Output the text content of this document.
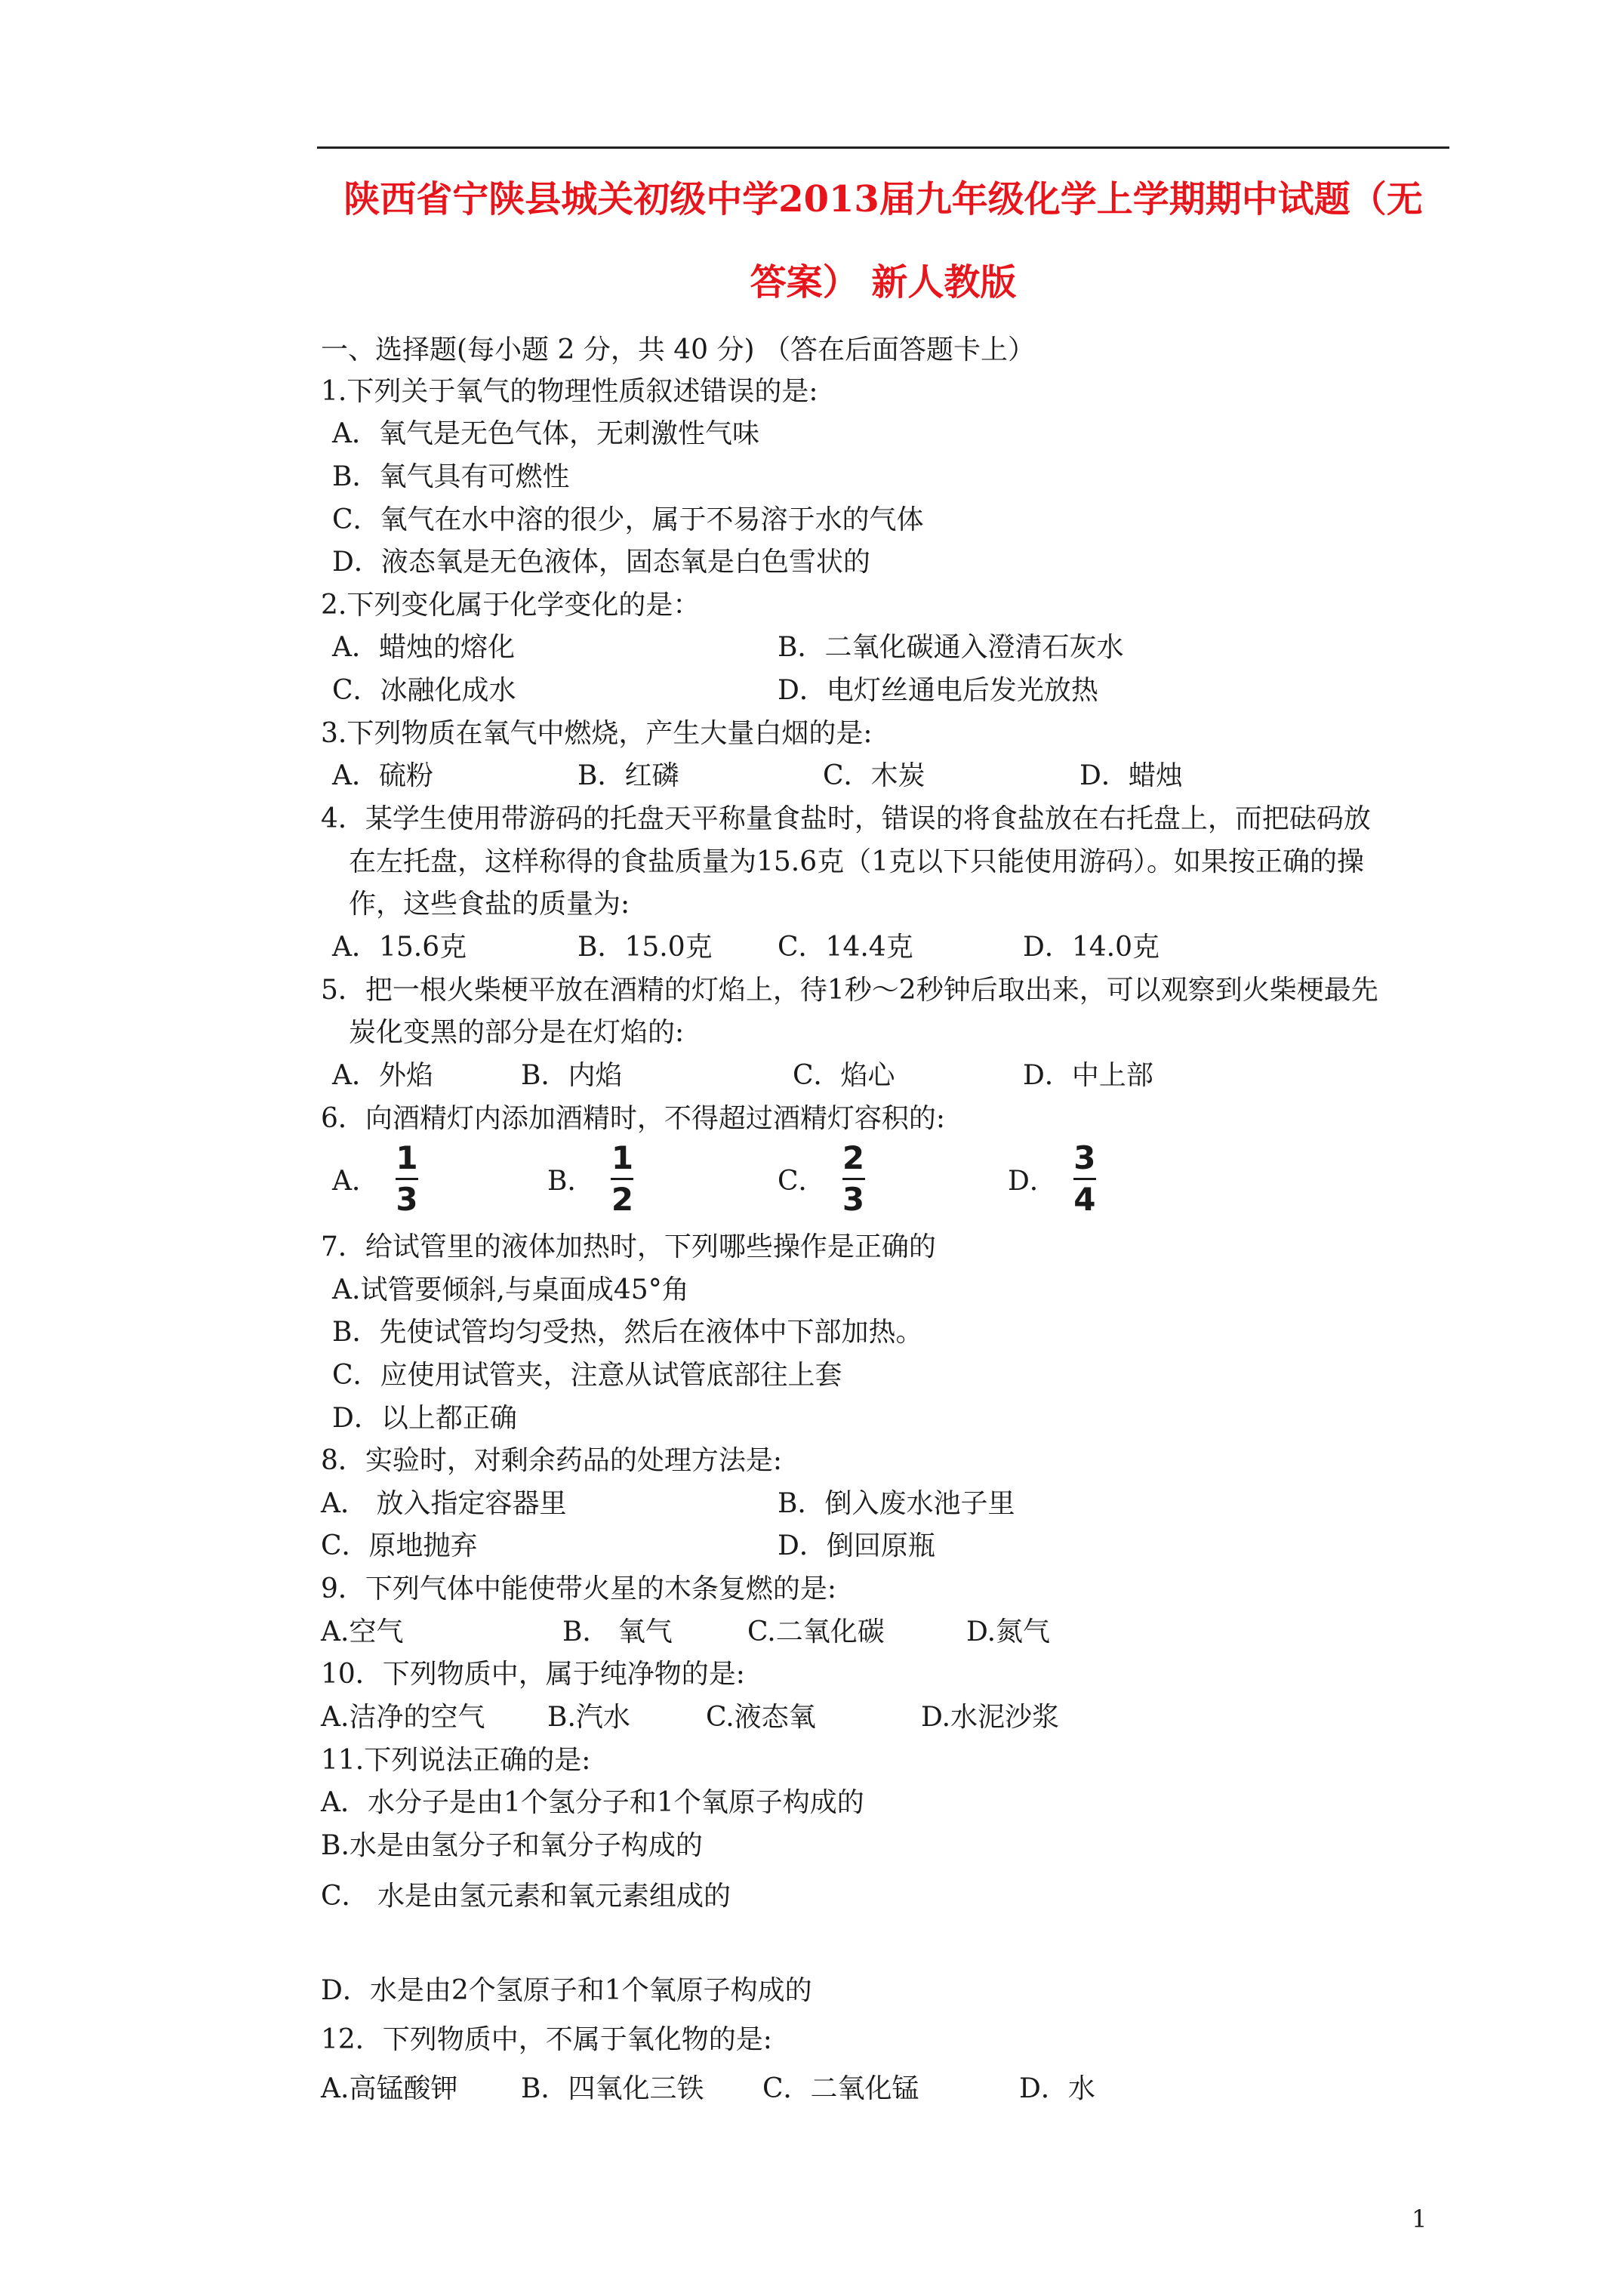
陕西省宁陕县城关初级中学2013届九年级化学上学期期中试题（无
答案） 新人教版
一、选择题(每小题 2 分，共 40 分) （答在后面答题卡上）
1.下列关于氧气的物理性质叙述错误的是:
A．氧气是无色气体，无刺激性气味
B．氧气具有可燃性
C．氧气在水中溶的很少，属于不易溶于水的气体
D．液态氧是无色液体，固态氧是白色雪状的
2.下列变化属于化学变化的是：
A．蜡烛的熔化	B．二氧化碳通入澄清石灰水
C．冰融化成水	D．电灯丝通电后发光放热
3.下列物质在氧气中燃烧，产生大量白烟的是:
A．硫粉	B．红磷	C．木炭	D．蜡烛
4．某学生使用带游码的托盘天平称量食盐时，错误的将食盐放在右托盘上，而把砝码放
在左托盘，这样称得的食盐质量为15.6克（1克以下只能使用游码）。如果按正确的操
作，这些食盐的质量为:
A．15.6克	B．15.0克 C．14.4克	D．14.0克
5．把一根火柴梗平放在酒精的灯焰上，待1秒～2秒钟后取出来，可以观察到火柴梗最先
炭化变黑的部分是在灯焰的:
A．外焰	B．内焰	C．焰心	D．中上部
6．向酒精灯内添加酒精时，不得超过酒精灯容积的:
A．
1
3	B．
1
2	C．
2
3	D．
3
4
7．给试管里的液体加热时，下列哪些操作是正确的
A.试管要倾斜,与桌面成45°角
B．先使试管均匀受热，然后在液体中下部加热。
C．应使用试管夹，注意从试管底部往上套
D．以上都正确
8．实验时，对剩余药品的处理方法是:
A． 放入指定容器里	B．倒入废水池子里
C．原地抛弃	D．倒回原瓶
9．下列气体中能使带火星的木条复燃的是:
A.空气	B． 氧气	C.二氧化碳	D.氮气
10．下列物质中，属于纯净物的是:
A.洁净的空气 B.汽水	C.液态氧	D.水泥沙浆
11.下列说法正确的是:
A．水分子是由1个氢分子和1个氧原子构成的
B.水是由氢分子和氧分子构成的
C． 水是由氢元素和氧元素组成的
D．水是由2个氢原子和1个氧原子构成的
12．下列物质中，不属于氧化物的是:
A.高锰酸钾 B．四氧化三铁 C．二氧化锰	D．水
1
